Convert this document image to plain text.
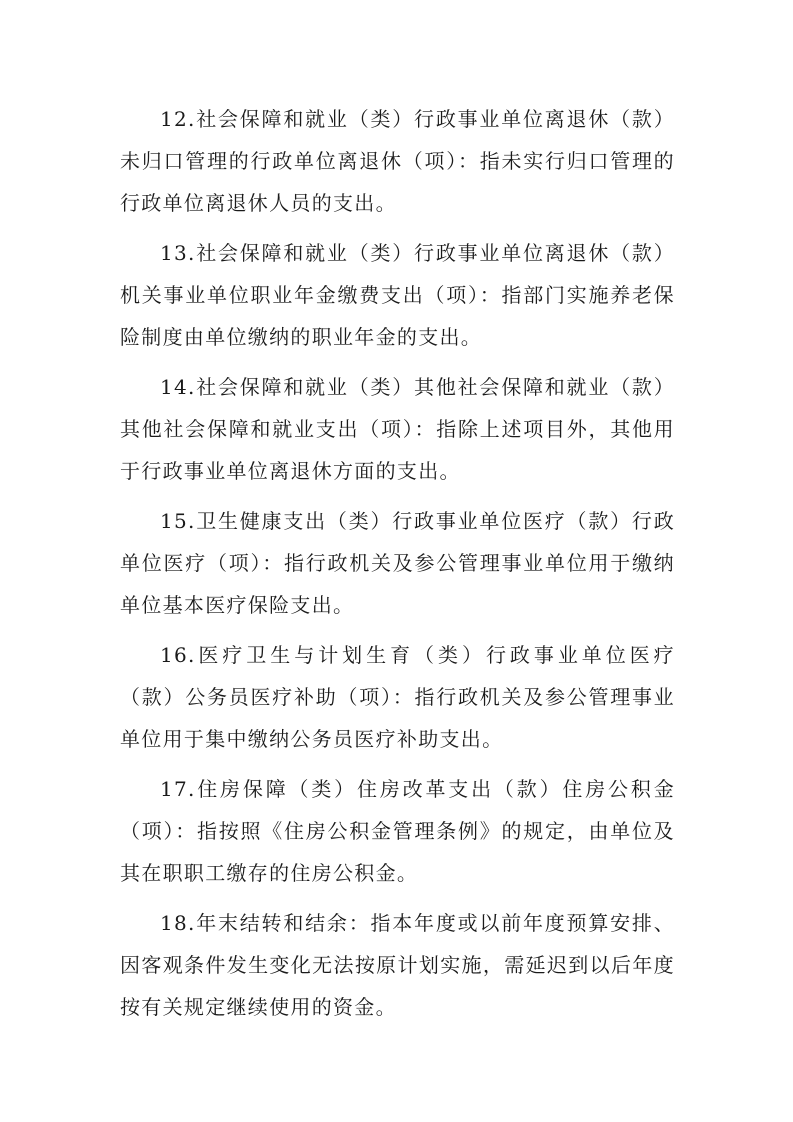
12.社会保障和就业（类）行政事业单位离退休（款）未归口管理的行政单位离退休（项）：指未实行归口管理的行政单位离退休人员的支出。

13.社会保障和就业（类）行政事业单位离退休（款）机关事业单位职业年金缴费支出（项）：指部门实施养老保险制度由单位缴纳的职业年金的支出。

14.社会保障和就业（类）其他社会保障和就业（款）其他社会保障和就业支出（项）：指除上述项目外，其他用于行政事业单位离退休方面的支出。

15.卫生健康支出（类）行政事业单位医疗（款）行政单位医疗（项）：指行政机关及参公管理事业单位用于缴纳单位基本医疗保险支出。

16.医疗卫生与计划生育（类）行政事业单位医疗（款）公务员医疗补助（项）：指行政机关及参公管理事业单位用于集中缴纳公务员医疗补助支出。

17.住房保障（类）住房改革支出（款）住房公积金（项）：指按照《住房公积金管理条例》的规定，由单位及其在职职工缴存的住房公积金。

18.年末结转和结余：指本年度或以前年度预算安排、因客观条件发生变化无法按原计划实施，需延迟到以后年度按有关规定继续使用的资金。
